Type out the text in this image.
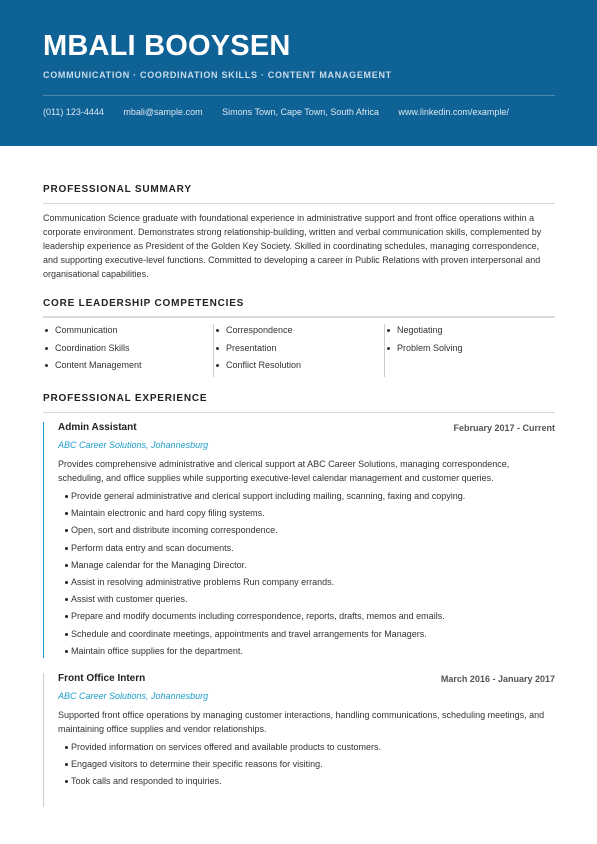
MBALI BOOYSEN
COMMUNICATION · COORDINATION SKILLS · CONTENT MANAGEMENT
(011) 123-4444 mbali@sample.com Simons Town, Cape Town, South Africa www.linkedin.com/example/
PROFESSIONAL SUMMARY
Communication Science graduate with foundational experience in administrative support and front office operations within a corporate environment. Demonstrates strong relationship-building, written and verbal communication skills, complemented by leadership experience as President of the Golden Key Society. Skilled in coordinating schedules, managing correspondence, and supporting executive-level functions. Committed to developing a career in Public Relations with proven interpersonal and organisational capabilities.
CORE LEADERSHIP COMPETENCIES
Communication
Coordination Skills
Content Management
Correspondence
Presentation
Conflict Resolution
Negotiating
Problem Solving
PROFESSIONAL EXPERIENCE
Admin Assistant	February 2017 - Current
ABC Career Solutions, Johannesburg
Provides comprehensive administrative and clerical support at ABC Career Solutions, managing correspondence, scheduling, and office supplies while supporting executive-level calendar management and customer queries.
Provide general administrative and clerical support including mailing, scanning, faxing and copying.
Maintain electronic and hard copy filing systems.
Open, sort and distribute incoming correspondence.
Perform data entry and scan documents.
Manage calendar for the Managing Director.
Assist in resolving administrative problems Run company errands.
Assist with customer queries.
Prepare and modify documents including correspondence, reports, drafts, memos and emails.
Schedule and coordinate meetings, appointments and travel arrangements for Managers.
Maintain office supplies for the department.
Front Office Intern	March 2016 - January 2017
ABC Career Solutions, Johannesburg
Supported front office operations by managing customer interactions, handling communications, scheduling meetings, and maintaining office supplies and vendor relationships.
Provided information on services offered and available products to customers.
Engaged visitors to determine their specific reasons for visiting.
Took calls and responded to inquiries.
